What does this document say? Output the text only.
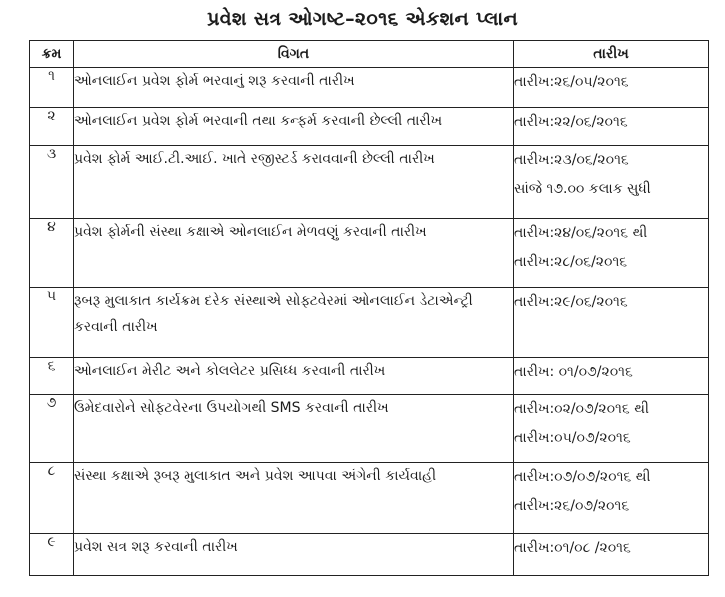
પ્રવેશ સત્ર ઓગષ્ટ–૨૦૧૬ એકશન પ્લાન
ક્રમ	વિગત	તારીખ
૧	ઓનલાઈન પ્રવેશ ફોર્મ ભરવાનું શરૂ કરવાની તારીખ	તારીખ:૨૬/૦૫/૨૦૧૬

૨	ઓનલાઈન પ્રવેશ ફોર્મ ભરવાની તથા કન્ફર્મ કરવાની છેલ્લી તારીખ	તારીખ:૨૨/૦૬/૨૦૧૬

૩	પ્રવેશ ફોર્મ આઈ.ટી.આઈ. ખાતે રજીસ્ટર્ડ કરાવવાની છેલ્લી તારીખ	તારીખ:૨૩/૦૬/૨૦૧૬
સાંજે ૧૭.૦૦ કલાક સુધી

૪	પ્રવેશ ફોર્મની સંસ્થા કક્ષાએ ઓનલાઈન મેળવણું કરવાની તારીખ	તારીખ:૨૪/૦૬/૨૦૧૬ થી
તારીખ:૨૮/૦૬/૨૦૧૬

૫	રૂબરૂ મુલાકાત કાર્યક્રમ દરેક સંસ્થાએ સોફ્ટવેરમાં ઓનલાઈન ડેટાએન્ટ્રી કરવાની તારીખ	તારીખ:૨૯/૦૬/૨૦૧૬

૬	ઓનલાઈન મેરીટ અને કોલલેટર પ્રસિધ્ધ કરવાની તારીખ	તારીખ: ૦૧/૦૭/૨૦૧૬

૭	ઉમેદવારોને સોફ્ટવેરના ઉપયોગથી SMS કરવાની તારીખ	તારીખ:૦૨/૦૭/૨૦૧૬ થી
તારીખ:૦૫/૦૭/૨૦૧૬

૮	સંસ્થા કક્ષાએ રૂબરૂ મુલાકાત અને પ્રવેશ આપવા અંગેની કાર્યવાહી	તારીખ:૦૭/૦૭/૨૦૧૬ થી
તારીખ:૨૬/૦૭/૨૦૧૬

૯	પ્રવેશ સત્ર શરૂ કરવાની તારીખ	તારીખ:૦૧/૦૮ /૨૦૧૬
